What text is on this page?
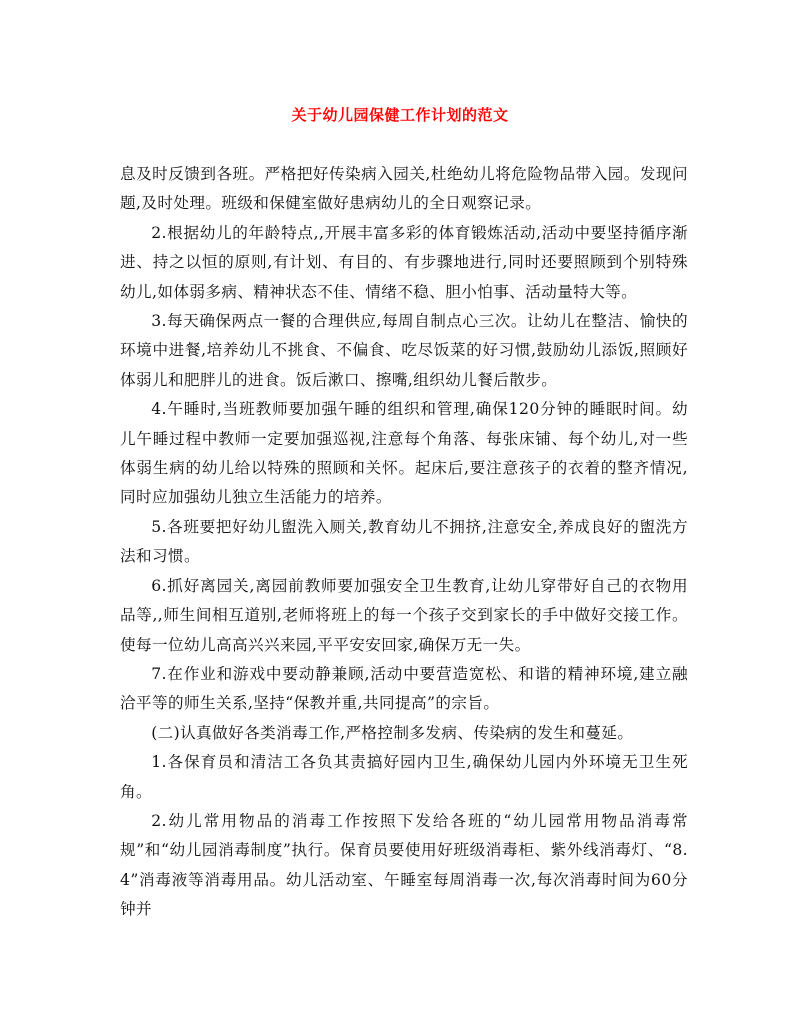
关于幼儿园保健工作计划的范文

息及时反馈到各班。严格把好传染病入园关,杜绝幼儿将危险物品带入园。发现问题,及时处理。班级和保健室做好患病幼儿的全日观察记录。

2.根据幼儿的年龄特点,,开展丰富多彩的体育锻炼活动,活动中要坚持循序渐进、持之以恒的原则,有计划、有目的、有步骤地进行,同时还要照顾到个别特殊幼儿,如体弱多病、精神状态不佳、情绪不稳、胆小怕事、活动量特大等。

3.每天确保两点一餐的合理供应,每周自制点心三次。让幼儿在整洁、愉快的环境中进餐,培养幼儿不挑食、不偏食、吃尽饭菜的好习惯,鼓励幼儿添饭,照顾好体弱儿和肥胖儿的进食。饭后漱口、擦嘴,组织幼儿餐后散步。

4.午睡时,当班教师要加强午睡的组织和管理,确保120分钟的睡眠时间。幼儿午睡过程中教师一定要加强巡视,注意每个角落、每张床铺、每个幼儿,对一些体弱生病的幼儿给以特殊的照顾和关怀。起床后,要注意孩子的衣着的整齐情况,同时应加强幼儿独立生活能力的培养。

5.各班要把好幼儿盥洗入厕关,教育幼儿不拥挤,注意安全,养成良好的盥洗方法和习惯。

6.抓好离园关,离园前教师要加强安全卫生教育,让幼儿穿带好自己的衣物用品等,,师生间相互道别,老师将班上的每一个孩子交到家长的手中做好交接工作。使每一位幼儿高高兴兴来园,平平安安回家,确保万无一失。

7.在作业和游戏中要动静兼顾,活动中要营造宽松、和谐的精神环境,建立融洽平等的师生关系,坚持“保教并重,共同提高”的宗旨。

(二)认真做好各类消毒工作,严格控制多发病、传染病的发生和蔓延。

1.各保育员和清洁工各负其责搞好园内卫生,确保幼儿园内外环境无卫生死角。

2.幼儿常用物品的消毒工作按照下发给各班的“幼儿园常用物品消毒常规”和“幼儿园消毒制度”执行。保育员要使用好班级消毒柜、紫外线消毒灯、“8.4”消毒液等消毒用品。幼儿活动室、午睡室每周消毒一次,每次消毒时间为60分钟并
